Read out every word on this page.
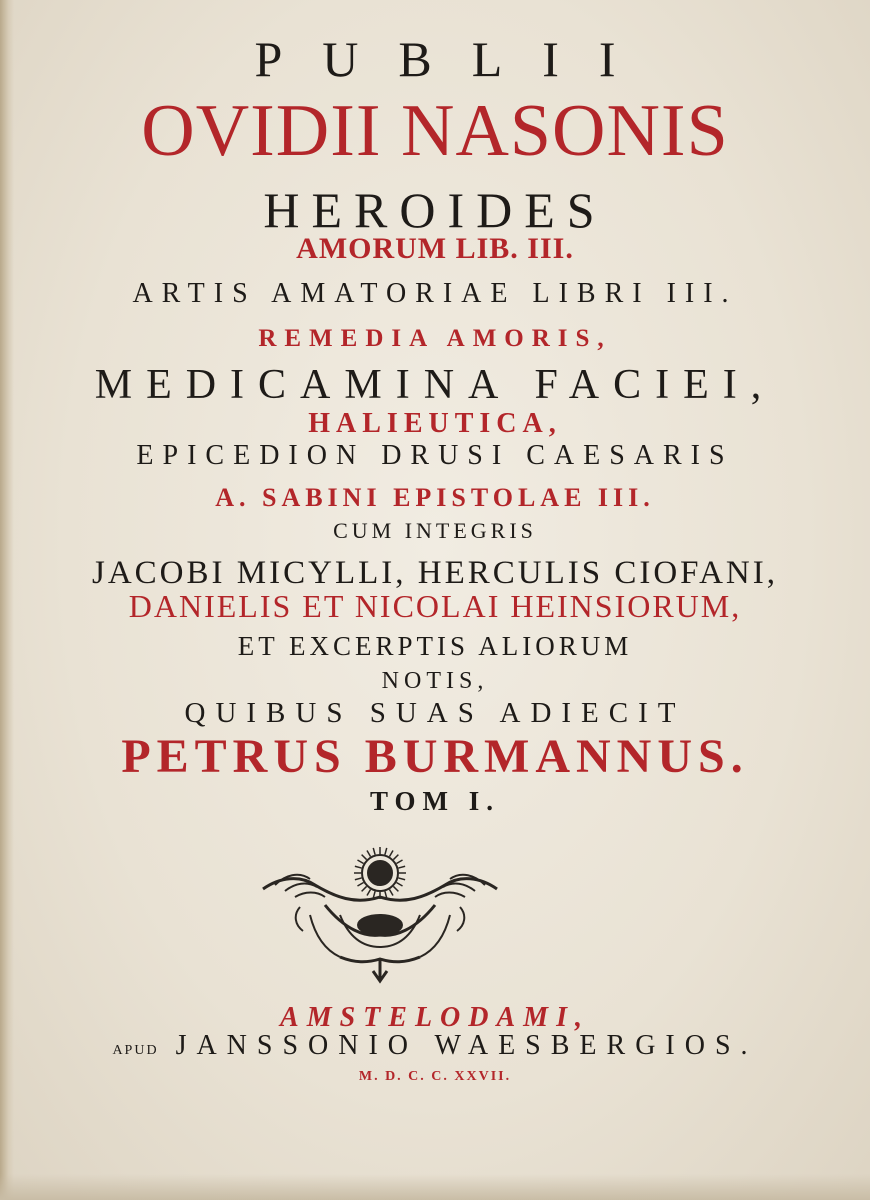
PUBLII
OVIDII NASONIS
HEROIDES
AMORUM LIB. III.
ARTIS AMATORIAE LIBRI III.
REMEDIA AMORIS,
MEDICAMINA FACIEI,
HALIEUTICA,
EPICEDION DRUSI CAESARIS
A. SABINI EPISTOLAE III.
CUM INTEGRIS
JACOBI MICYLLI, HERCULIS CIOFANI,
DANIELIS ET NICOLAI HEINSIORUM,
ET EXCERPTIS ALIORUM
NOTIS,
QUIBUS SUAS ADIECIT
PETRUS BURMANNUS.
TOM I.
AMSTELODAMI,
APUD JANSSONIO WAESBERGIOS.
M. D. C. C. XXVII.
